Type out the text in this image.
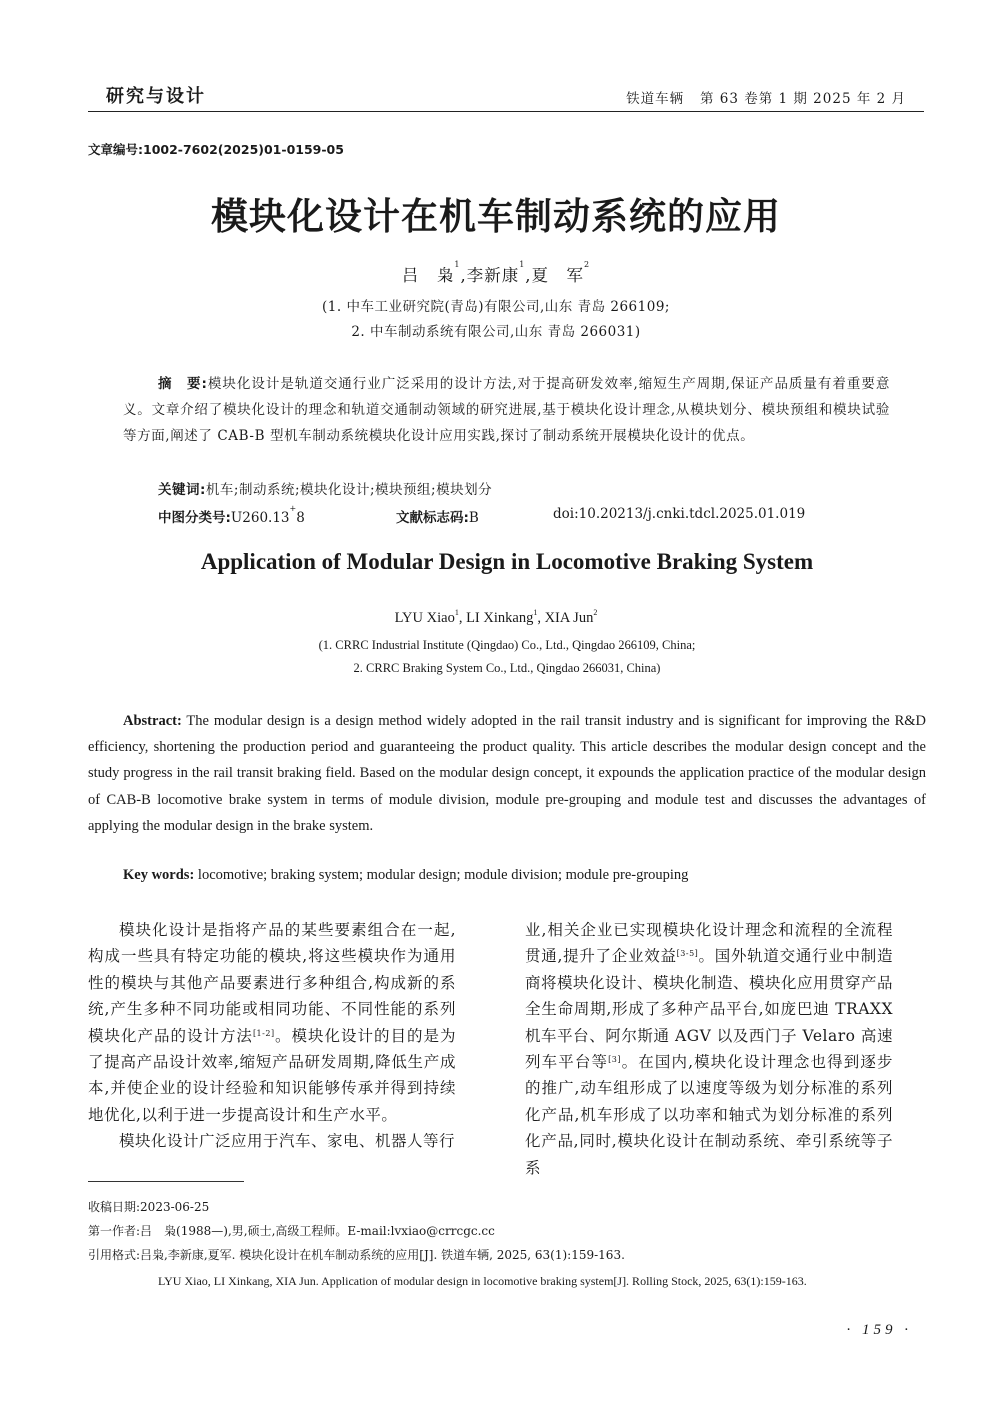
研究与设计	铁道车辆 第 63 卷第 1 期 2025 年 2 月
文章编号:1002-7602(2025)01-0159-05
模块化设计在机车制动系统的应用
吕　枭$^1$,李新康$^1$,夏　军$^2$
(1. 中车工业研究院(青岛)有限公司,山东 青岛 266109;
2. 中车制动系统有限公司,山东 青岛 266031)
摘　要:模块化设计是轨道交通行业广泛采用的设计方法,对于提高研发效率,缩短生产周期,保证产品质量有着重要意义。文章介绍了模块化设计的理念和轨道交通制动领域的研究进展,基于模块化设计理念,从模块划分、模块预组和模块试验等方面,阐述了 CAB-B 型机车制动系统模块化设计应用实践,探讨了制动系统开展模块化设计的优点。
关键词:机车;制动系统;模块化设计;模块预组;模块划分
中图分类号:U260.13+8	文献标志码:B	doi:10.20213/j.cnki.tdcl.2025.01.019
Application of Modular Design in Locomotive Braking System
LYU Xiao$^1$, LI Xinkang$^1$, XIA Jun$^2$
(1. CRRC Industrial Institute (Qingdao) Co., Ltd., Qingdao 266109, China;
2. CRRC Braking System Co., Ltd., Qingdao 266031, China)
Abstract: The modular design is a design method widely adopted in the rail transit industry and is significant for improving the R&D efficiency, shortening the production period and guaranteeing the product quality. This article describes the modular design concept and the study progress in the rail transit braking field. Based on the modular design concept, it expounds the application practice of the modular design of CAB-B locomotive brake system in terms of module division, module pre-grouping and module test and discusses the advantages of applying the modular design in the brake system.
Key words: locomotive; braking system; modular design; module division; module pre-grouping

模块化设计是指将产品的某些要素组合在一起,构成一些具有特定功能的模块,将这些模块作为通用性的模块与其他产品要素进行多种组合,构成新的系统,产生多种不同功能或相同功能、不同性能的系列模块化产品的设计方法[1-2]。模块化设计的目的是为了提高产品设计效率,缩短产品研发周期,降低生产成本,并使企业的设计经验和知识能够传承并得到持续地优化,以利于进一步提高设计和生产水平。

模块化设计广泛应用于汽车、家电、机器人等行

业,相关企业已实现模块化设计理念和流程的全流程贯通,提升了企业效益[3-5]。国外轨道交通行业中制造商将模块化设计、模块化制造、模块化应用贯穿产品全生命周期,形成了多种产品平台,如庞巴迪 TRAXX 机车平台、阿尔斯通 AGV 以及西门子 Velaro 高速列车平台等[3]。在国内,模块化设计理念也得到逐步的推广,动车组形成了以速度等级为划分标准的系列化产品,机车形成了以功率和轴式为划分标准的系列化产品,同时,模块化设计在制动系统、牵引系统等子系

收稿日期:2023-06-25
第一作者:吕　枭(1988—),男,硕士,高级工程师。E-mail:lvxiao@crrcgc.cc
引用格式:吕枭,李新康,夏军. 模块化设计在机车制动系统的应用[J]. 铁道车辆, 2025, 63(1):159-163.
LYU Xiao, LI Xinkang, XIA Jun. Application of modular design in locomotive braking system[J]. Rolling Stock, 2025, 63(1):159-163.
· 159 ·
